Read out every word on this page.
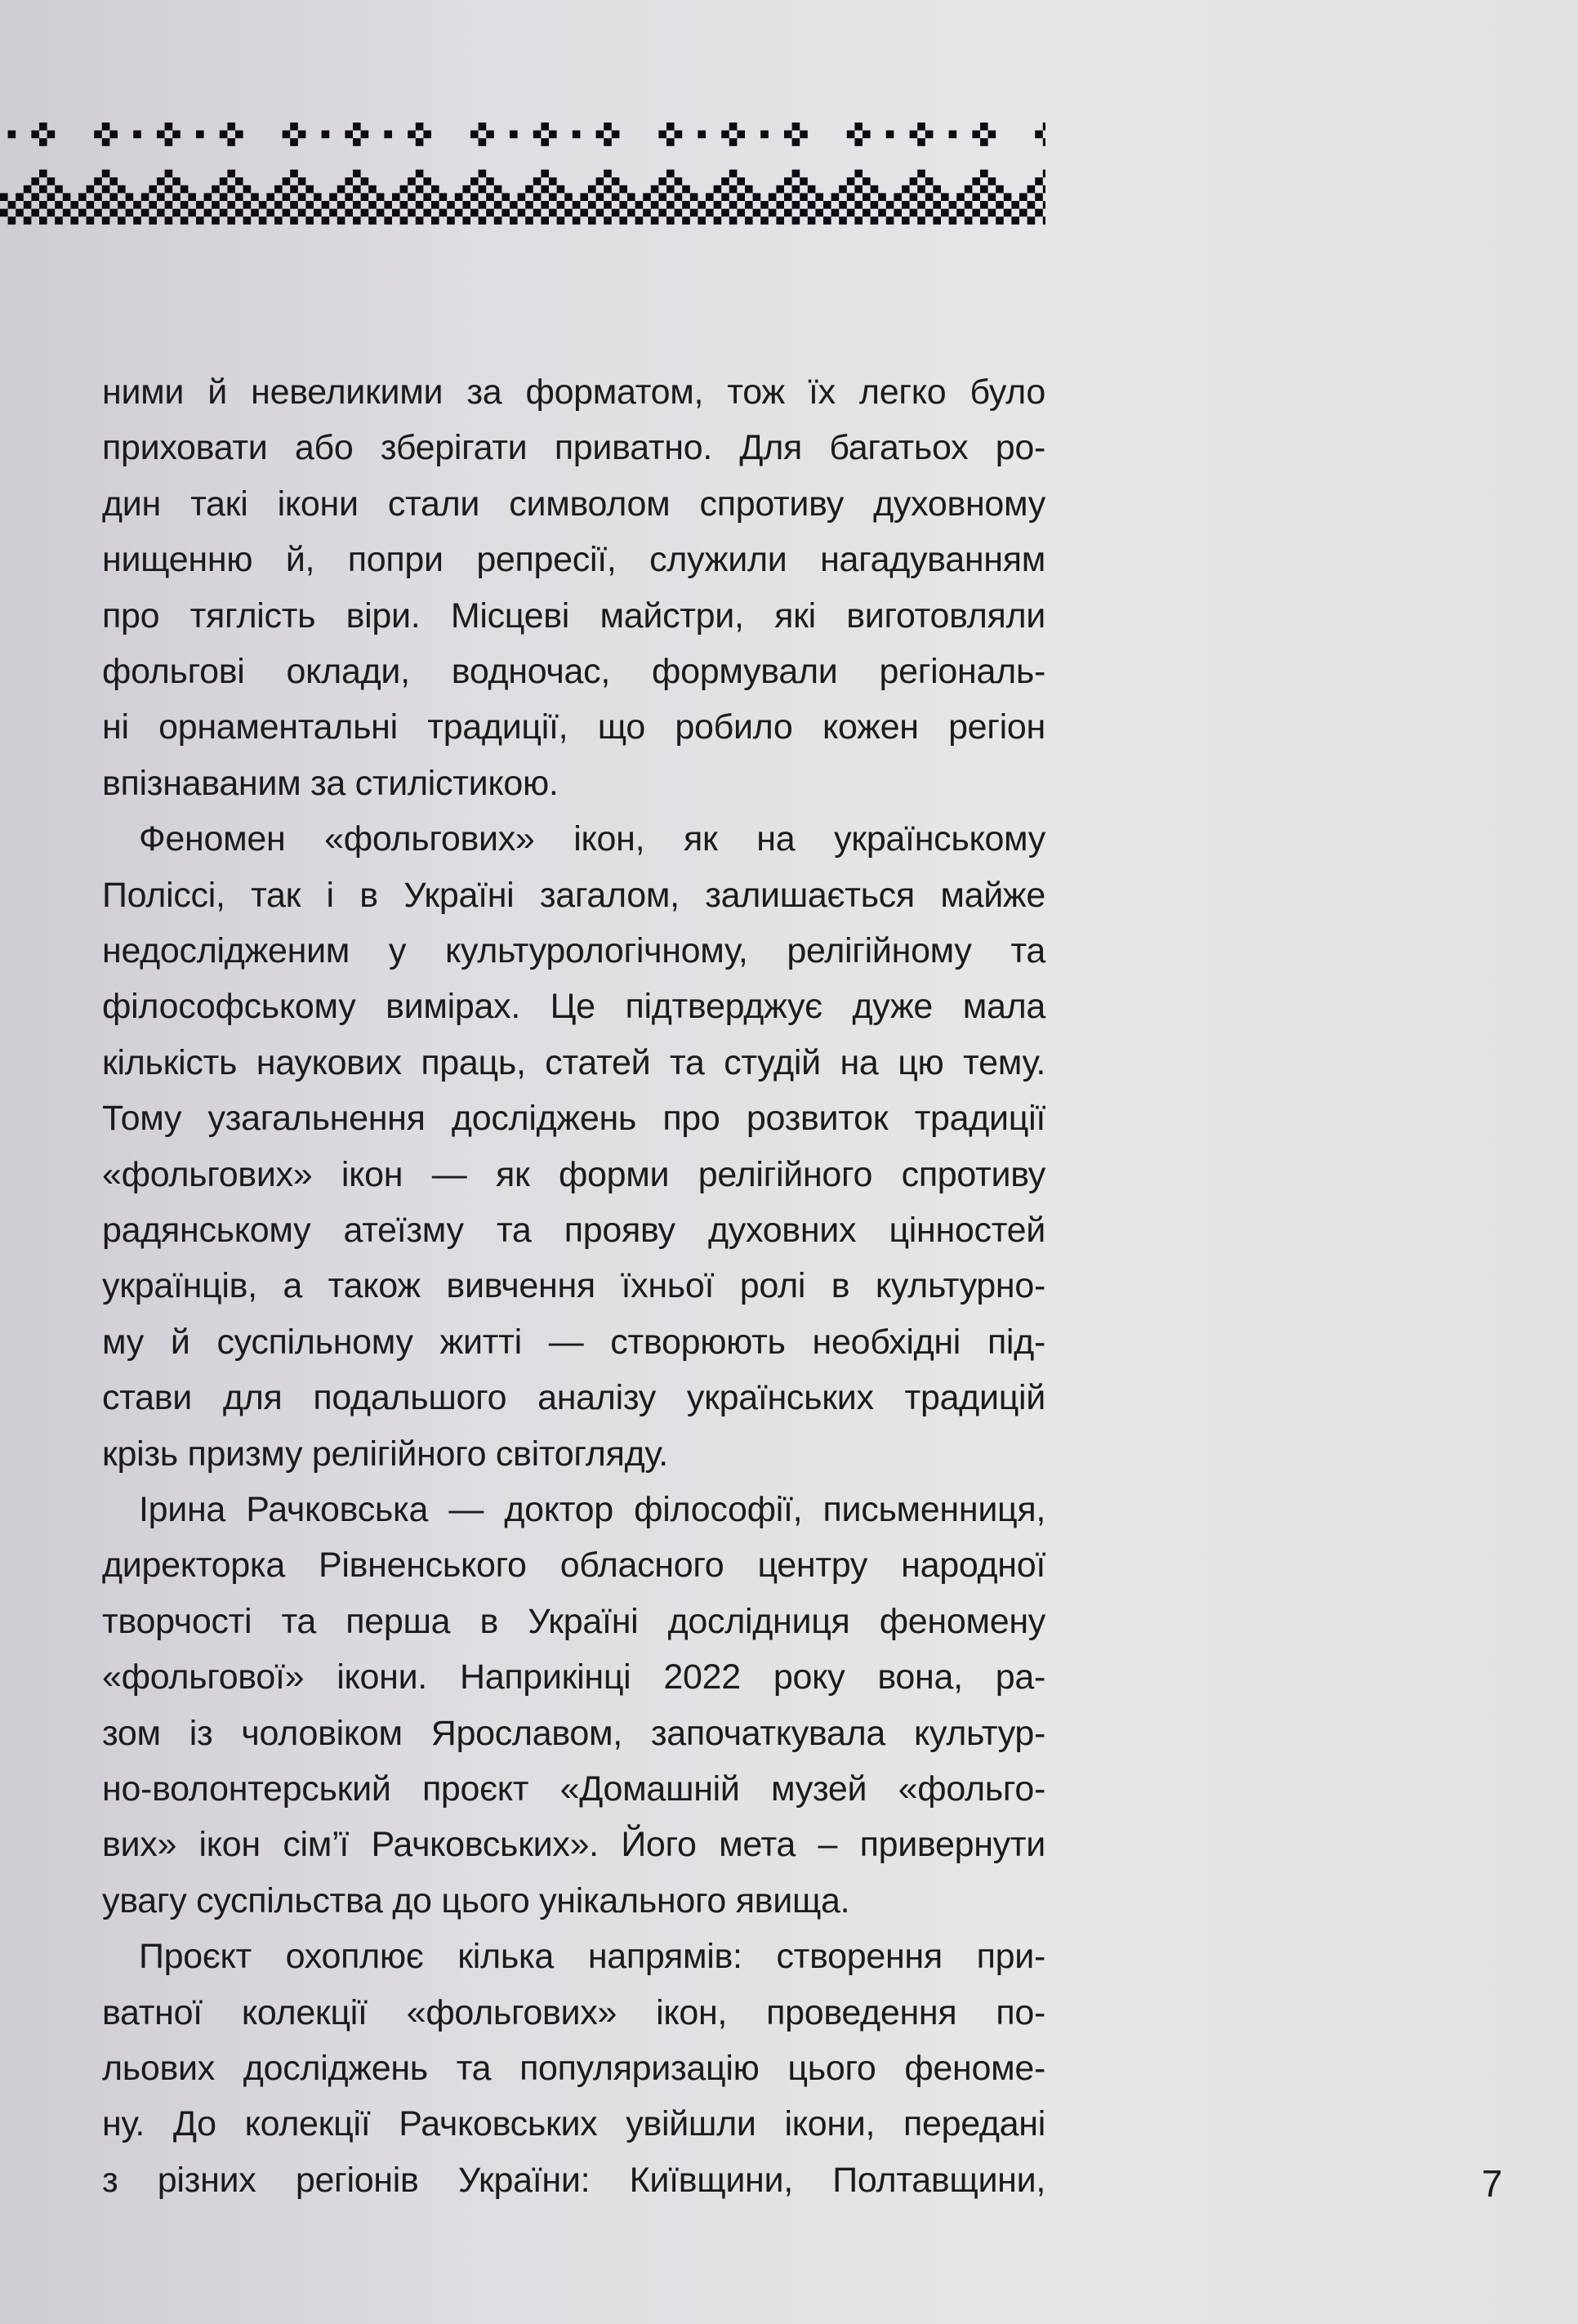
ними й невеликими за форматом, тож їх легко було
приховати або зберігати приватно. Для багатьох ро-
дин такі ікони стали символом спротиву духовному
нищенню й, попри репресії, служили нагадуванням
про тяглість віри. Місцеві майстри, які виготовляли
фольгові оклади, водночас, формували регіональ-
ні орнаментальні традиції, що робило кожен регіон
впізнаваним за стилістикою.
Феномен «фольгових» ікон, як на українському
Поліссі, так і в Україні загалом, залишається майже
недослідженим у культурологічному, релігійному та
філософському вимірах. Це підтверджує дуже мала
кількість наукових праць, статей та студій на цю тему.
Тому узагальнення досліджень про розвиток традиції
«фольгових» ікон — як форми релігійного спротиву
радянському атеїзму та прояву духовних цінностей
українців, а також вивчення їхньої ролі в культурно-
му й суспільному житті — створюють необхідні під-
стави для подальшого аналізу українських традицій
крізь призму релігійного світогляду.
Ірина Рачковська — доктор філософії, письменниця,
директорка Рівненського обласного центру народної
творчості та перша в Україні дослідниця феномену
«фольгової» ікони. Наприкінці 2022 року вона, ра-
зом із чоловіком Ярославом, започаткувала культур-
но-волонтерський проєкт «Домашній музей «фольго-
вих» ікон сім’ї Рачковських». Його мета – привернути
увагу суспільства до цього унікального явища.
Проєкт охоплює кілька напрямів: створення при-
ватної колекції «фольгових» ікон, проведення по-
льових досліджень та популяризацію цього феноме-
ну. До колекції Рачковських увійшли ікони, передані
з різних регіонів України: Київщини, Полтавщини,	7
